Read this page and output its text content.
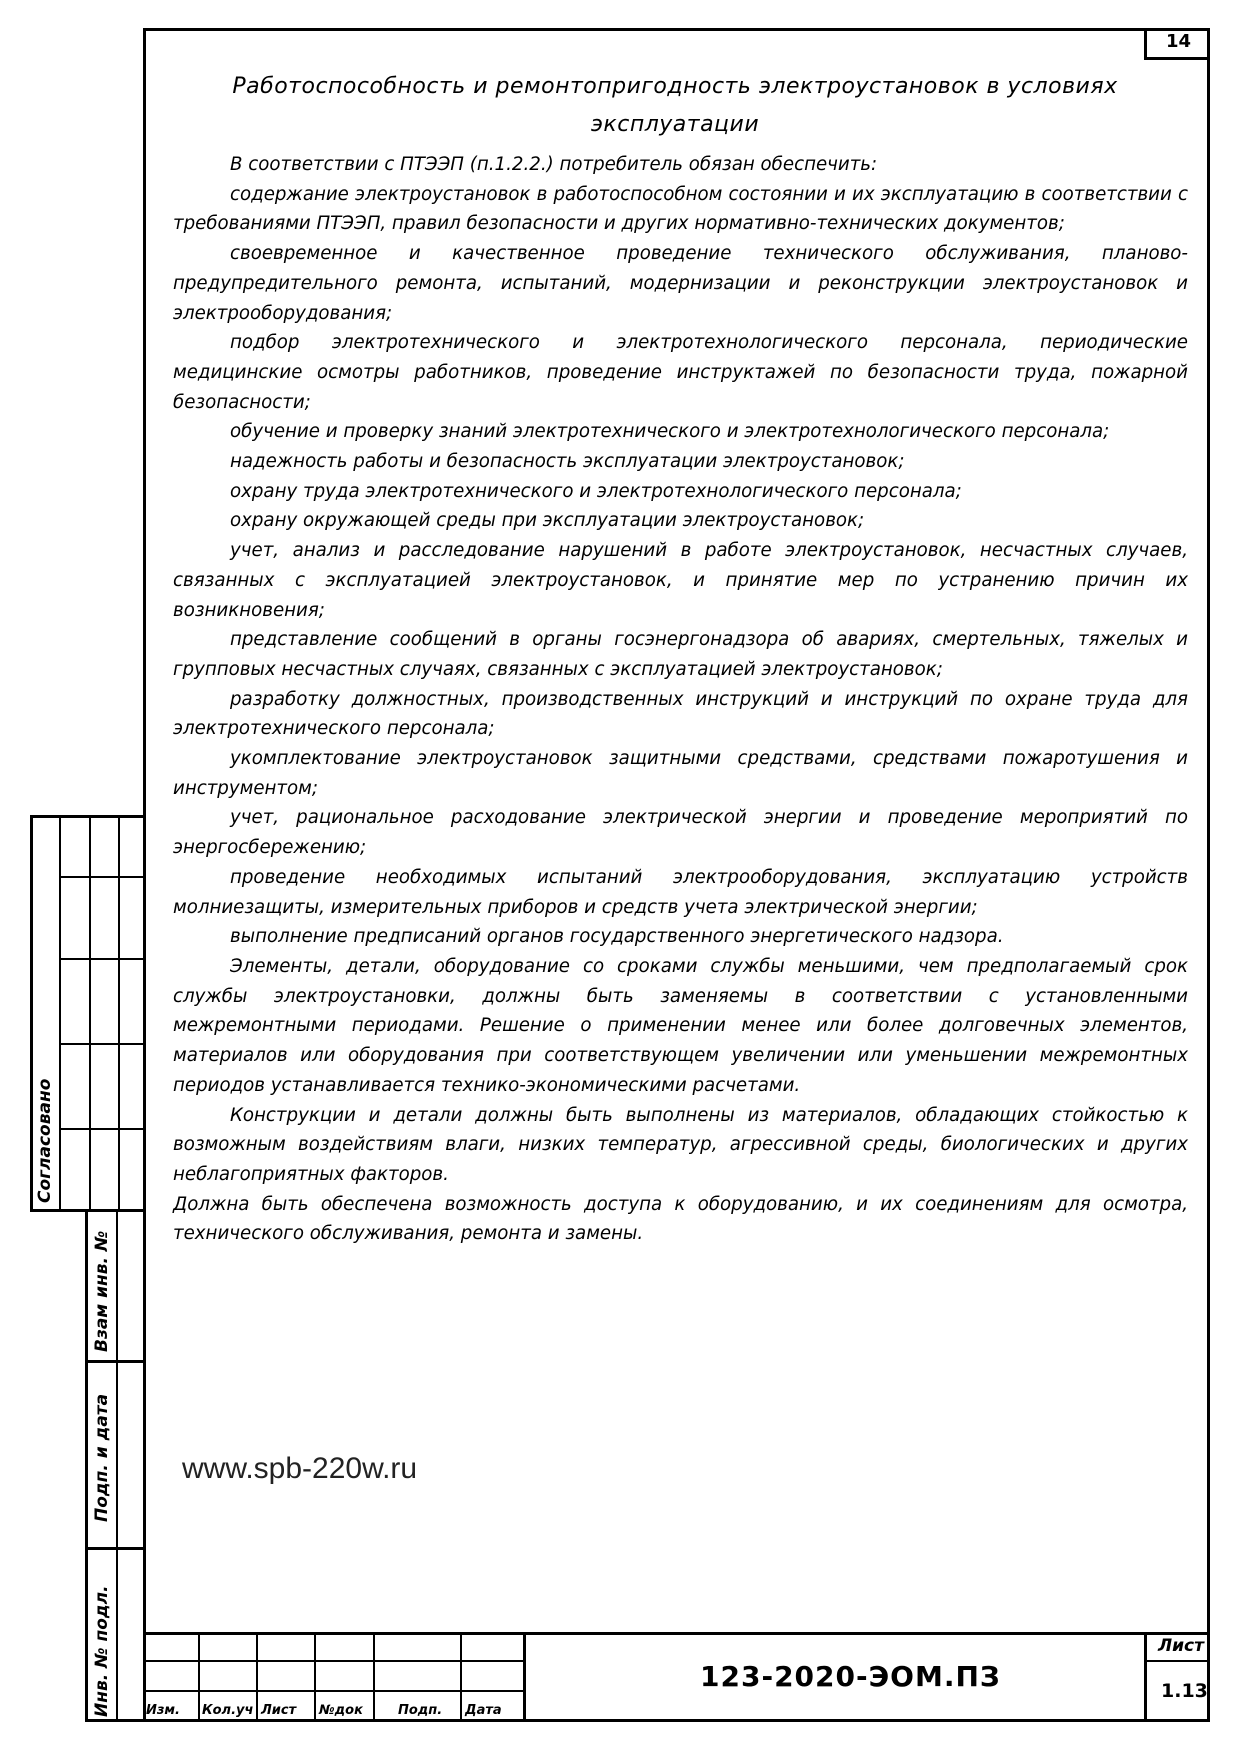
14
Работоспособность и ремонтопригодность электроустановок в условиях эксплуатации

В соответствии с ПТЭЭП (п.1.2.2.) потребитель обязан обеспечить:

содержание электроустановок в работоспособном состоянии и их эксплуатацию в соответствии с требованиями ПТЭЭП, правил безопасности и других нормативно-технических документов;

своевременное и качественное проведение технического обслуживания, планово-предупредительного ремонта, испытаний, модернизации и реконструкции электроустановок и электрооборудования;

подбор электротехнического и электротехнологического персонала, периодические медицинские осмотры работников, проведение инструктажей по безопасности труда, пожарной безопасности;

обучение и проверку знаний электротехнического и электротехнологического персонала;

надежность работы и безопасность эксплуатации электроустановок;

охрану труда электротехнического и электротехнологического персонала;

охрану окружающей среды при эксплуатации электроустановок;

учет, анализ и расследование нарушений в работе электроустановок, несчастных случаев, связанных с эксплуатацией электроустановок, и принятие мер по устранению причин их возникновения;

представление сообщений в органы госэнергонадзора об авариях, смертельных, тяжелых и групповых несчастных случаях, связанных с эксплуатацией электроустановок;

разработку должностных, производственных инструкций и инструкций по охране труда для электротехнического персонала;

укомплектование электроустановок защитными средствами, средствами пожаротушения и инструментом;

учет, рациональное расходование электрической энергии и проведение мероприятий по энергосбережению;

проведение необходимых испытаний электрооборудования, эксплуатацию устройств молниезащиты, измерительных приборов и средств учета электрической энергии;

выполнение предписаний органов государственного энергетического надзора.

Элементы, детали, оборудование со сроками службы меньшими, чем предполагаемый срок службы электроустановки, должны быть заменяемы в соответствии с установленными межремонтными периодами. Решение о применении менее или более долговечных элементов, материалов или оборудования при соответствующем увеличении или уменьшении межремонтных периодов устанавливается технико-экономическими расчетами.

Конструкции и детали должны быть выполнены из материалов, обладающих стойкостью к возможным воздействиям влаги, низких температур, агрессивной среды, биологических и других неблагоприятных факторов.

Должна быть обеспечена возможность доступа к оборудованию, и их соединениям для осмотра, технического обслуживания, ремонта и замены.

www.spb-220w.ru
Согласовано
Взам инв. №
Подп. и дата
Инв. № подл.	Изм. Кол.уч Лист №док	Подп. Дата
123-2020-ЭОМ.ПЗ
Лист
1.13
